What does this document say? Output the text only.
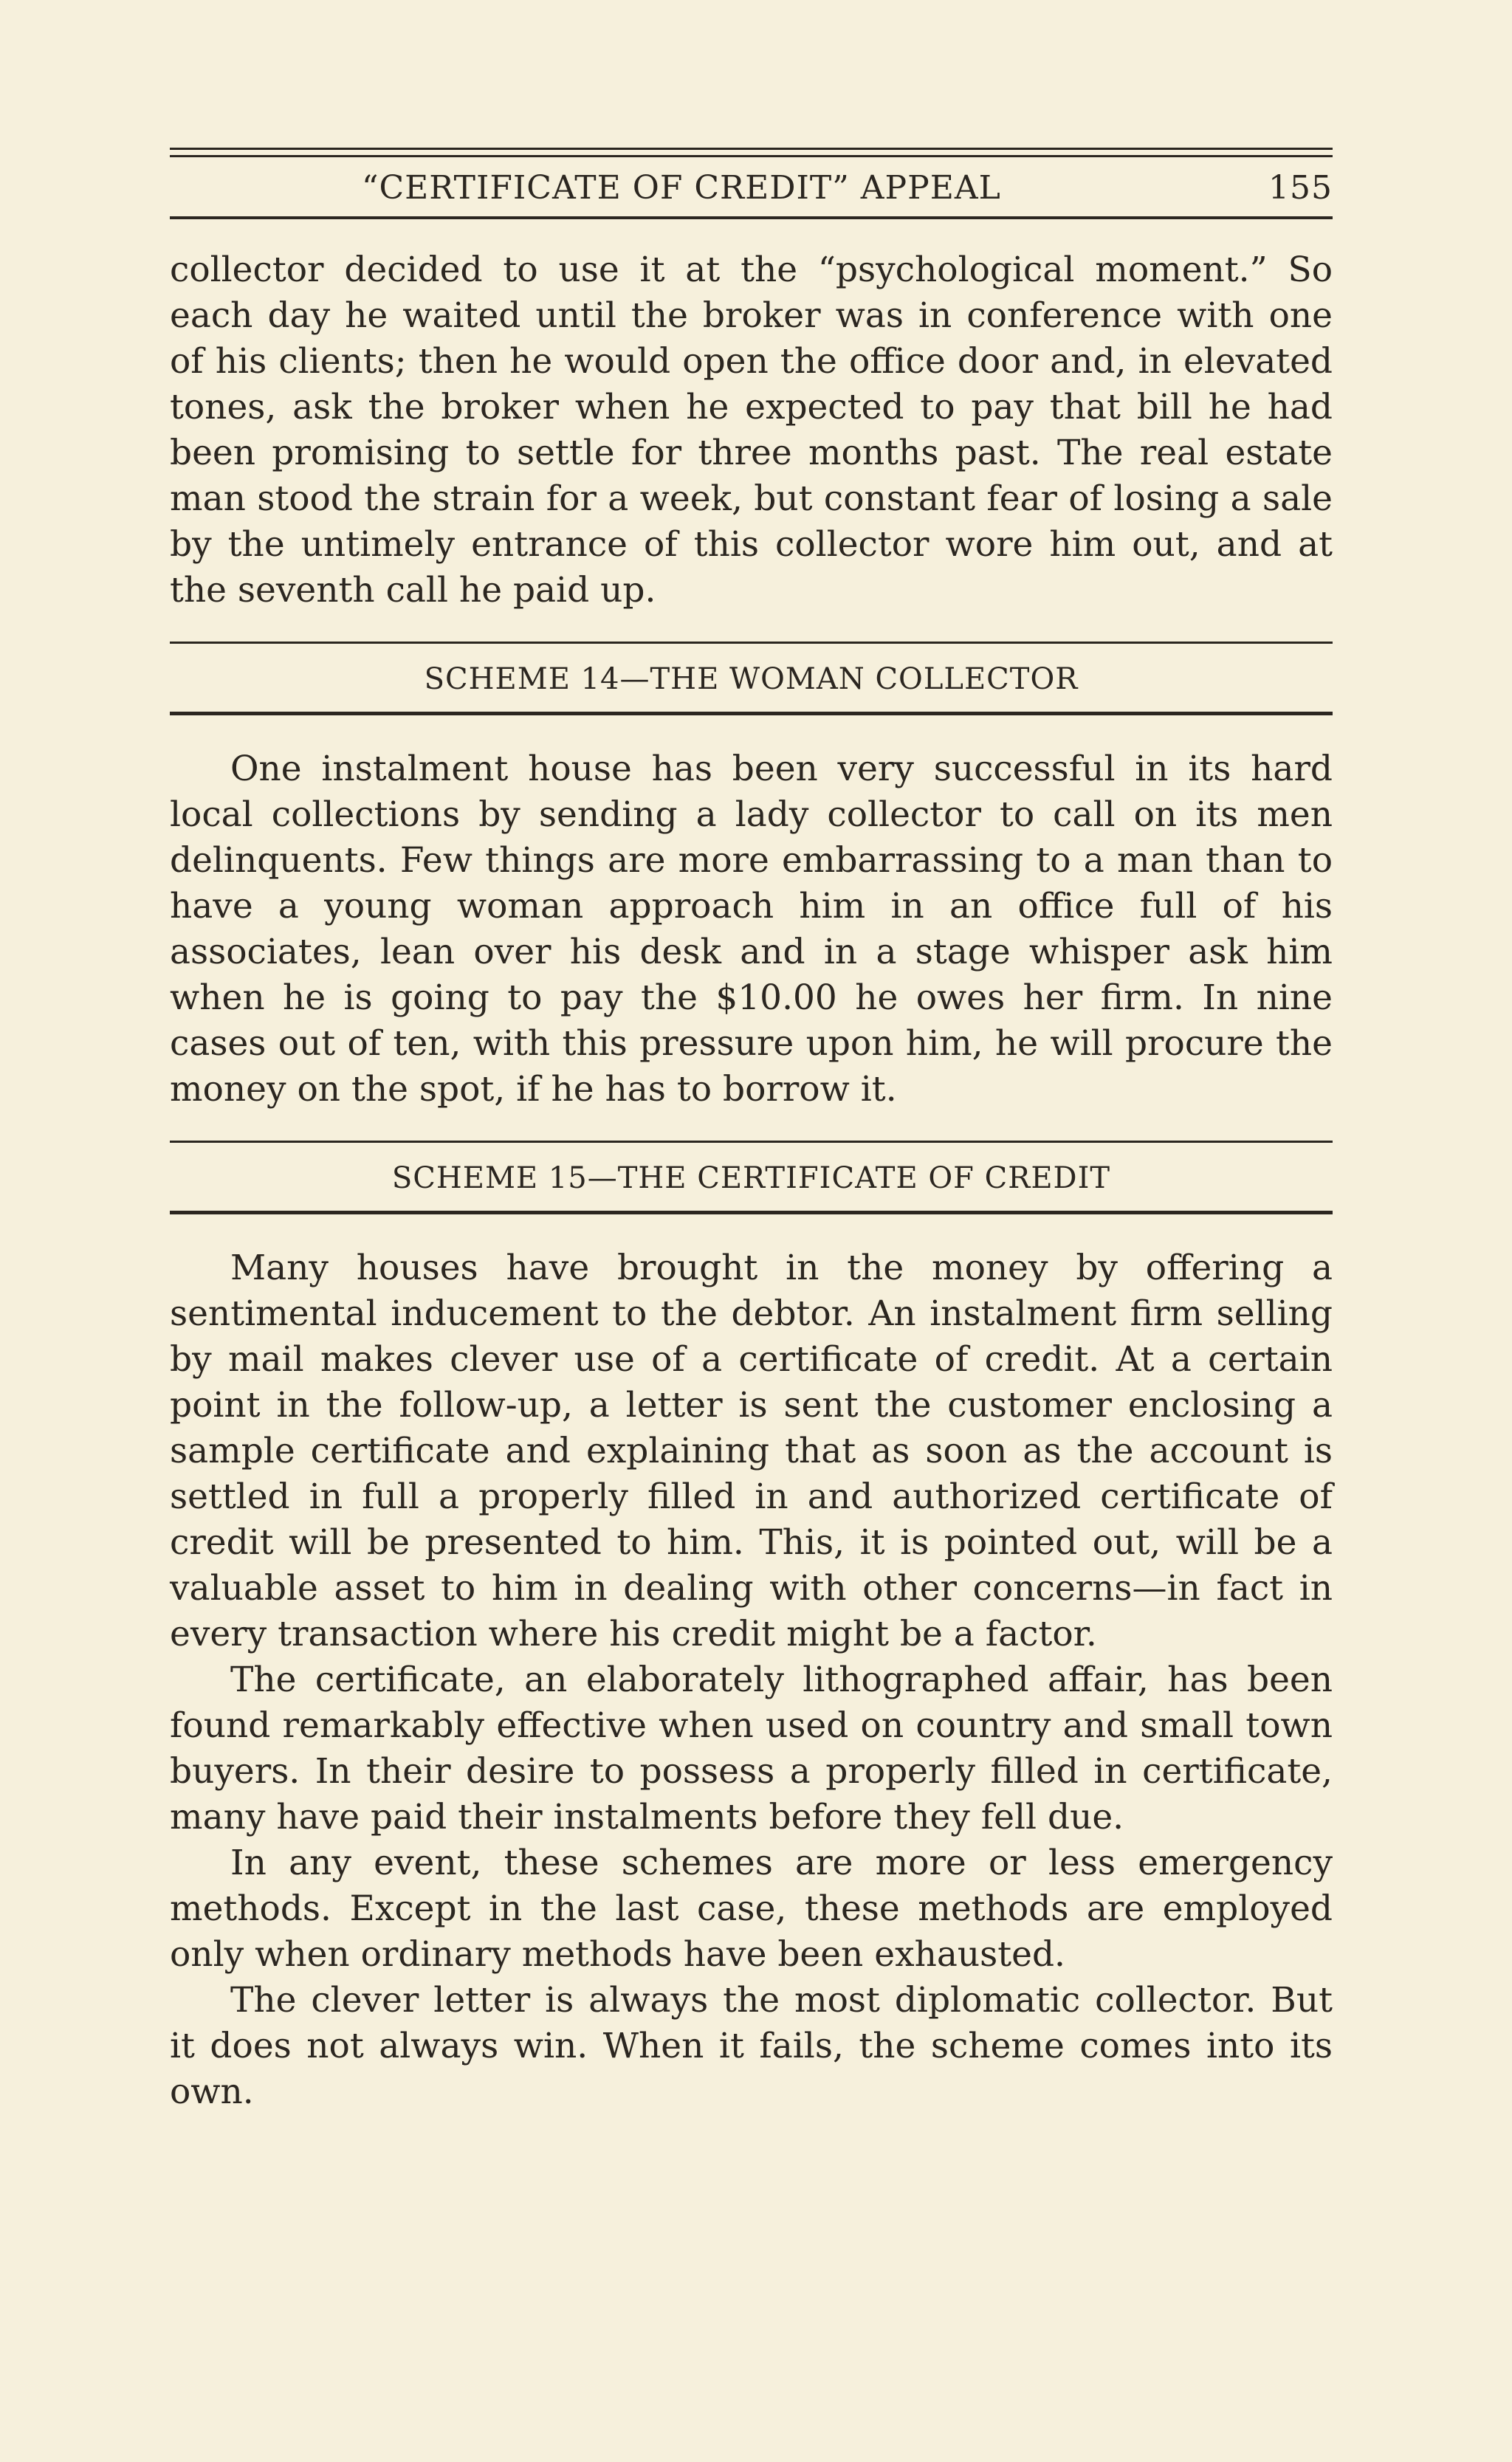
“CERTIFICATE OF CREDIT” APPEAL	155

collector decided to use it at the “psychological moment.” So each day he waited until the broker was in conference with one of his clients; then he would open the office door and, in elevated tones, ask the broker when he expected to pay that bill he had been promising to settle for three months past. The real estate man stood the strain for a week, but constant fear of losing a sale by the untimely entrance of this collector wore him out, and at the seventh call he paid up.

SCHEME 14—THE WOMAN COLLECTOR

One instalment house has been very successful in its hard local collections by sending a lady collector to call on its men delinquents. Few things are more embarrassing to a man than to have a young woman approach him in an office full of his associates, lean over his desk and in a stage whisper ask him when he is going to pay the $10.00 he owes her firm. In nine cases out of ten, with this pressure upon him, he will procure the money on the spot, if he has to borrow it.

SCHEME 15—THE CERTIFICATE OF CREDIT

Many houses have brought in the money by offering a sentimental inducement to the debtor. An instalment firm selling by mail makes clever use of a certificate of credit. At a certain point in the follow-up, a letter is sent the customer enclosing a sample certificate and explaining that as soon as the account is settled in full a properly filled in and authorized certificate of credit will be presented to him. This, it is pointed out, will be a valuable asset to him in dealing with other concerns—in fact in every transaction where his credit might be a factor.

The certificate, an elaborately lithographed affair, has been found remarkably effective when used on country and small town buyers. In their desire to possess a properly filled in certificate, many have paid their instalments before they fell due.

In any event, these schemes are more or less emergency methods. Except in the last case, these methods are employed only when ordinary methods have been exhausted.

The clever letter is always the most diplomatic collector. But it does not always win. When it fails, the scheme comes into its own.
